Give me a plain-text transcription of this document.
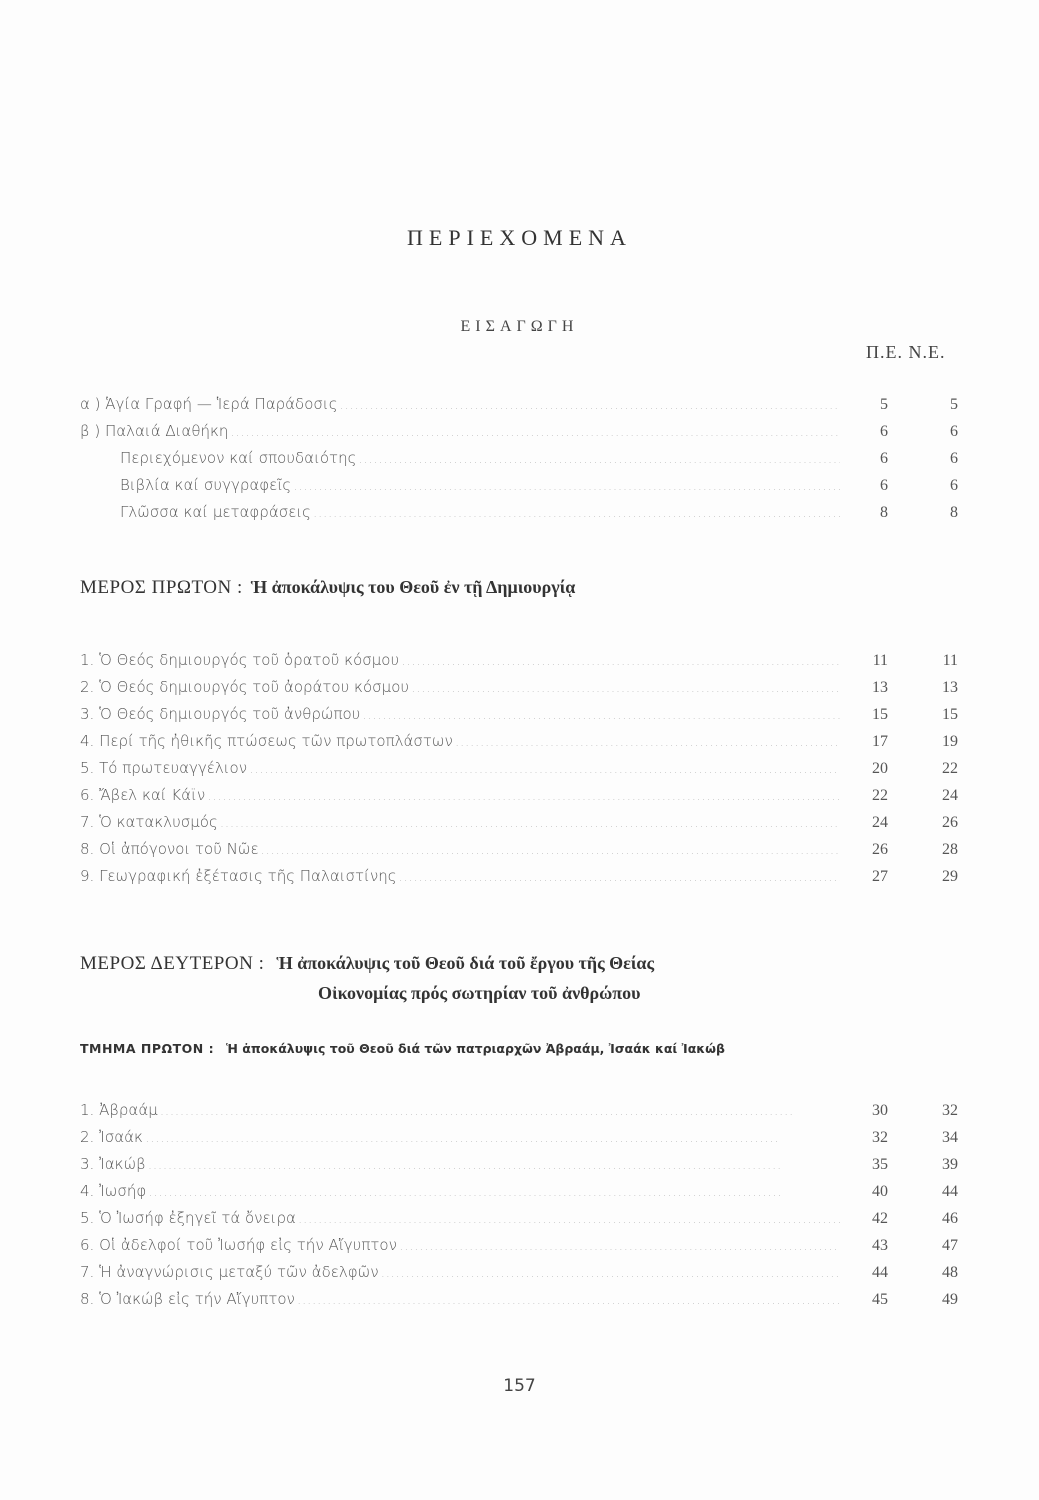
ΠΕΡΙΕΧΟΜΕΝΑ
ΕΙΣΑΓΩΓΗ
Π.Ε. Ν.Ε.
α ) Ἁγία Γραφή — Ἱερά Παράδοσις . . .	5	5
β ) Παλαιά Διαθήκη . . .	6	6
Περιεχόμενον καί σπουδαιότης . . .	6	6
Βιβλία καί συγγραφεῖς . . .	6	6
Γλῶσσα καί μεταφράσεις . . .	8	8
ΜΕΡΟΣ ΠΡΩΤΟΝ : Ἡ ἀποκάλυψις του Θεοῦ ἐν τῇ Δημιουργίᾳ
1. Ὁ Θεός δημιουργός τοῦ ὁρατοῦ κόσμου . . .	11	11
2. Ὁ Θεός δημιουργός τοῦ ἀοράτου κόσμου . . .	13	13
3. Ὁ Θεός δημιουργός τοῦ ἀνθρώπου . . .	15	15
4. Περί τῆς ἠθικῆς πτώσεως τῶν πρωτοπλάστων . . .	17	19
5. Τό πρωτευαγγέλιον . . .	20	22
6. Ἄβελ καί Κάϊν . . .	22	24
7. Ὁ κατακλυσμός . . .	24	26
8. Οἱ ἀπόγονοι τοῦ Νῶε . . .	26	28
9. Γεωγραφική ἐξέτασις τῆς Παλαιστίνης . . .	27	29
ΜΕΡΟΣ ΔΕΥΤΕΡΟΝ : Ἡ ἀποκάλυψις τοῦ Θεοῦ διά τοῦ ἔργου τῆς Θείας
Οἰκονομίας πρός σωτηρίαν τοῦ ἀνθρώπου
ΤΜΗΜΑ ΠΡΩΤΟΝ : Ἡ ἀποκάλυψις τοῦ Θεοῦ διά τῶν πατριαρχῶν Ἀβραάμ, Ἰσαάκ καί Ἰακώβ
1. Ἀβραάμ . . .	30	32
2. Ἰσαάκ . . .	32	34
3. Ἰακώβ . . .	35	39
4. Ἰωσήφ . . .	40	44
5. Ὁ Ἰωσήφ ἐξηγεῖ τά ὄνειρα . . .	42	46
6. Οἱ ἀδελφοί τοῦ Ἰωσήφ εἰς τήν Αἴγυπτον . . .	43	47
7. Ἡ ἀναγνώρισις μεταξύ τῶν ἀδελφῶν . . .	44	48
8. Ὁ Ἰακώβ εἰς τήν Αἴγυπτον . . .	45	49
157
